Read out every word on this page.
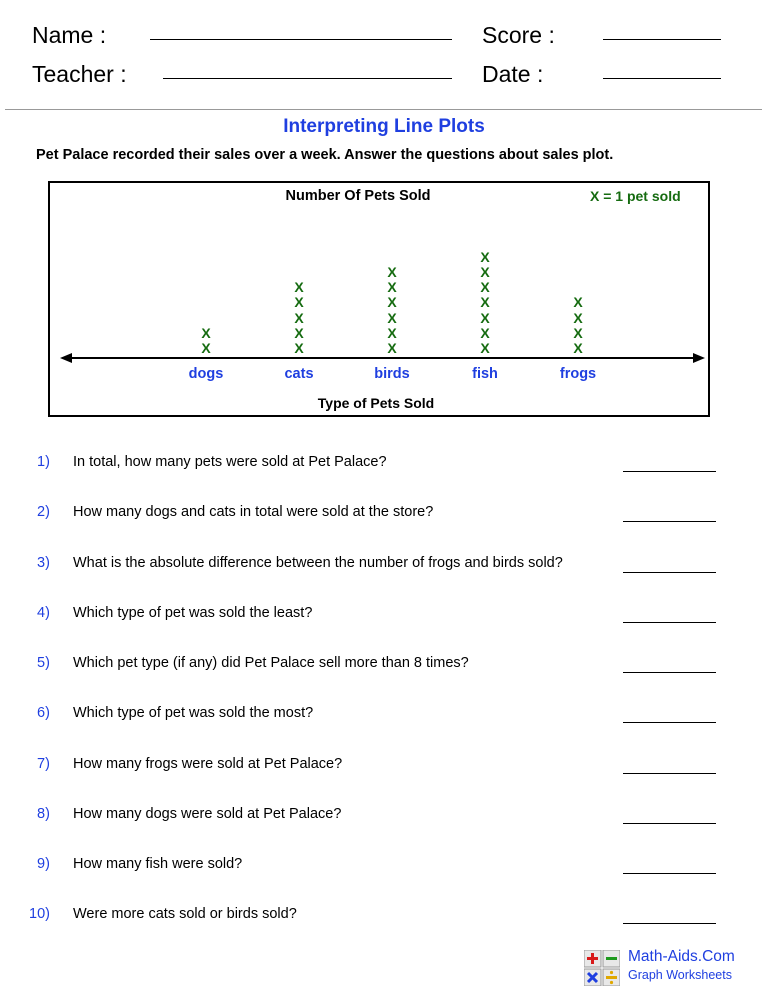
Name :	Score :
Teacher :	Date :
Interpreting Line Plots
Pet Palace recorded their sales over a week. Answer the questions about sales plot.
Number Of Pets Sold	X = 1 pet sold
dogs
X
X
cats
X
X
X
X
X
birds
X
X
X
X
X
X
fish
X
X
X
X
X
X
X
frogs
X
X
X
X
Type of Pets Sold
1) In total, how many pets were sold at Pet Palace?
2) How many dogs and cats in total were sold at the store?
3) What is the absolute difference between the number of frogs and birds sold?
4) Which type of pet was sold the least?
5) Which pet type (if any) did Pet Palace sell more than 8 times?
6) Which type of pet was sold the most?
7) How many frogs were sold at Pet Palace?
8) How many dogs were sold at Pet Palace?
9) How many fish were sold?
10) Were more cats sold or birds sold?
Math-Aids.Com
Graph Worksheets
